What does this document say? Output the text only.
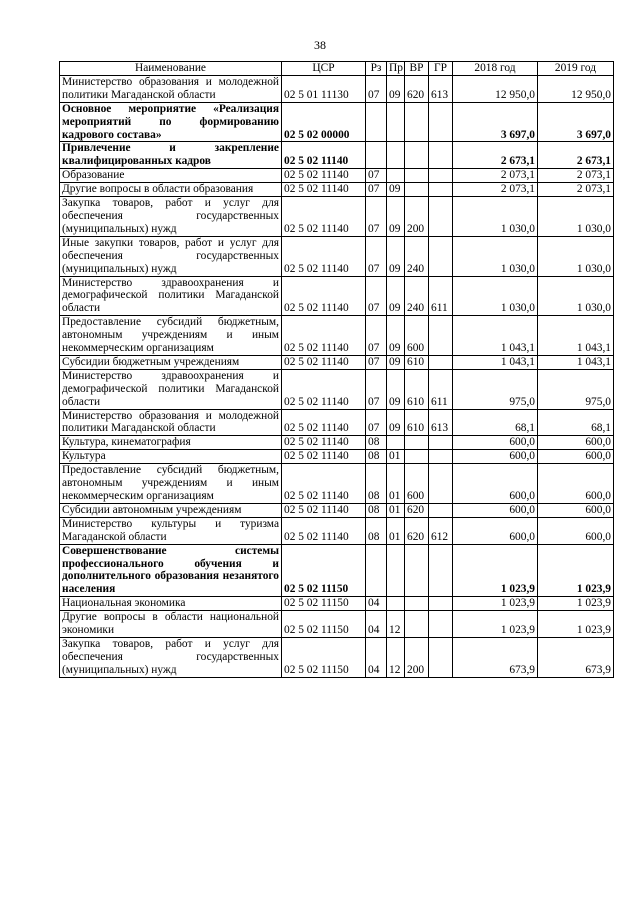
38
Наименование	ЦСР	Рз	Пр	ВР	ГР	2018 год	2019 год
Министерство образования и молодежной политики Магаданской области	02 5 01 11130	07	09	620	613	12 950,0	12 950,0
Основное мероприятие «Реализация мероприятий по формированию кадрового состава»	02 5 02 00000					3 697,0	3 697,0
Привлечение и закрепление квалифицированных кадров	02 5 02 11140					2 673,1	2 673,1
Образование	02 5 02 11140	07				2 073,1	2 073,1
Другие вопросы в области образования	02 5 02 11140	07	09			2 073,1	2 073,1
Закупка товаров, работ и услуг для обеспечения государственных (муниципальных) нужд	02 5 02 11140	07	09	200		1 030,0	1 030,0
Иные закупки товаров, работ и услуг для обеспечения государственных (муниципальных) нужд	02 5 02 11140	07	09	240		1 030,0	1 030,0
Министерство здравоохранения и демографической политики Магаданской области	02 5 02 11140	07	09	240	611	1 030,0	1 030,0
Предоставление субсидий бюджетным, автономным учреждениям и иным некоммерческим организациям	02 5 02 11140	07	09	600		1 043,1	1 043,1
Субсидии бюджетным учреждениям	02 5 02 11140	07	09	610		1 043,1	1 043,1
Министерство здравоохранения и демографической политики Магаданской области	02 5 02 11140	07	09	610	611	975,0	975,0
Министерство образования и молодежной политики Магаданской области	02 5 02 11140	07	09	610	613	68,1	68,1
Культура, кинематография	02 5 02 11140	08				600,0	600,0
Культура	02 5 02 11140	08	01			600,0	600,0
Предоставление субсидий бюджетным, автономным учреждениям и иным некоммерческим организациям	02 5 02 11140	08	01	600		600,0	600,0
Субсидии автономным учреждениям	02 5 02 11140	08	01	620		600,0	600,0
Министерство культуры и туризма Магаданской области	02 5 02 11140	08	01	620	612	600,0	600,0
Совершенствование системы профессионального обучения и дополнительного образования незанятого населения	02 5 02 11150					1 023,9	1 023,9
Национальная экономика	02 5 02 11150	04				1 023,9	1 023,9
Другие вопросы в области национальной экономики	02 5 02 11150	04	12			1 023,9	1 023,9
Закупка товаров, работ и услуг для обеспечения государственных (муниципальных) нужд	02 5 02 11150	04	12	200		673,9	673,9
